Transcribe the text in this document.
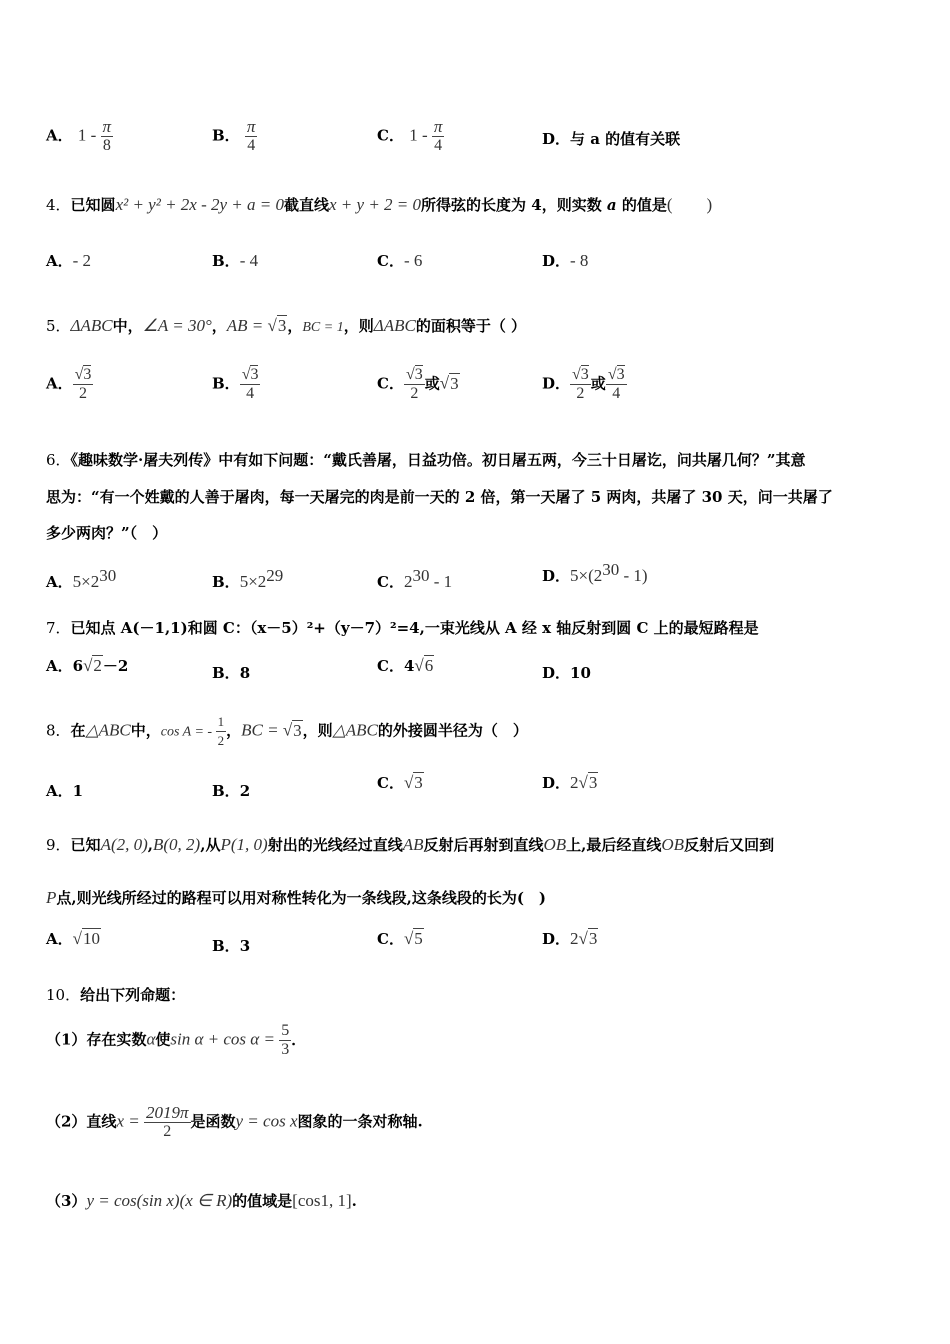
A． $1 - \frac{\pi}{8}$	B． $\frac{\pi}{4}$	C． $1 - \frac{\pi}{4}$	D．与 a 的值有关联
4．已知圆x² + y² + 2x - 2y + a = 0截直线x + y + 2 = 0所得弦的长度为 4，则实数 a 的值是(　　)
A．- 2	B．- 4	C．- 6	D．- 8
5．ΔABC中，∠A = 30°，AB = √3，BC = 1，则ΔABC的面积等于（ ）
A． $\frac{√3}{2}$	B． $\frac{√3}{4}$	C． $\frac{√3}{2}$ 或√3	D． $\frac{√3}{2}$ 或 $\frac{√3}{4}$
6．《趣味数学·屠夫列传》中有如下问题：“戴氏善屠，日益功倍。初日屠五两，今三十日屠讫，问共屠几何？”其意
思为：“有一个姓戴的人善于屠肉，每一天屠完的肉是前一天的 2 倍，第一天屠了 5 两肉，共屠了 30 天，问一共屠了
多少两肉？”（　）
A．$5\times 2^{30}$	B．$5\times 2^{29}$	C．$2^{30} - 1$	D．$5\times(2^{30} - 1)$
7．已知点 A(－1,1)和圆 C：（x－5）²+（y－7）²=4,一束光线从 A 经 x 轴反射到圆 C 上的最短路程是
A．6√2－2	B．8	C．4√6	D．10
8．在△ABC中，cos A = - $\frac{1}{2}$ ，BC = √3，则△ABC的外接圆半径为（　）
A．1	B．2	C．√3	D．2√3
9．已知A(2, 0),B(0, 2),从P(1, 0)射出的光线经过直线AB反射后再射到直线OB上,最后经直线OB反射后又回到
P点,则光线所经过的路程可以用对称性转化为一条线段,这条线段的长为(　)
A．√10	B．3	C．√5	D．2√3
10．给出下列命题：
（1）存在实数α使$\sin \alpha + \cos \alpha = \frac{5}{3}$ ．
（2）直线$x = \frac{2019\pi}{2}$ 是函数y = cos x图象的一条对称轴.
（3）y = cos(sin x)(x ∈ R)的值域是[cos1, 1].
